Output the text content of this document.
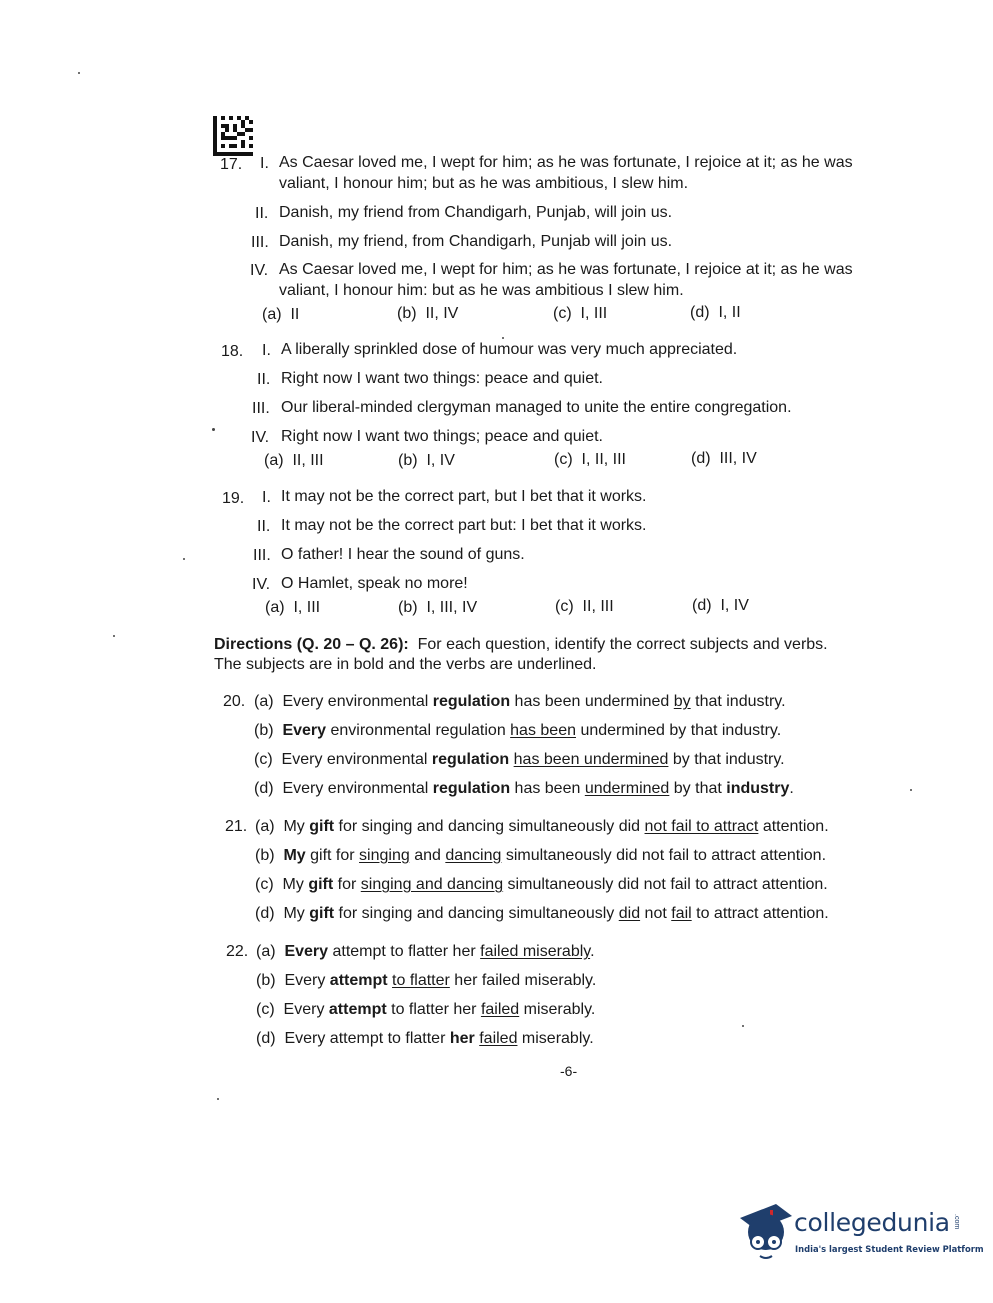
17. I. As Caesar loved me, I wept for him; as he was fortunate, I rejoice at it; as he was
valiant, I honour him; but as he was ambitious, I slew him.
II. Danish, my friend from Chandigarh, Punjab, will join us.
III. Danish, my friend, from Chandigarh, Punjab will join us.
IV. As Caesar loved me, I wept for him; as he was fortunate, I rejoice at it; as he was
valiant, I honour him: but as he was ambitious I slew him.
(a) II	(b) II, IV	(c) I, III	(d) I, II
18. I. A liberally sprinkled dose of humour was very much appreciated.
II. Right now I want two things: peace and quiet.
III. Our liberal-minded clergyman managed to unite the entire congregation.
IV. Right now I want two things; peace and quiet.
(a) II, III	(b) I, IV	(c) I, II, III	(d) III, IV
19. I. It may not be the correct part, but I bet that it works.
II. It may not be the correct part but: I bet that it works.
III. O father! I hear the sound of guns.
IV. O Hamlet, speak no more!
(a) I, III	(b) I, III, IV	(c) II, III	(d) I, IV
Directions (Q. 20 – Q. 26): For each question, identify the correct subjects and verbs.
The subjects are in bold and the verbs are underlined.
20. (a) Every environmental regulation has been undermined by that industry.
(b) Every environmental regulation has been undermined by that industry.
(c) Every environmental regulation has been undermined by that industry.
(d) Every environmental regulation has been undermined by that industry.
21. (a) My gift for singing and dancing simultaneously did not fail to attract attention.
(b) My gift for singing and dancing simultaneously did not fail to attract attention.
(c) My gift for singing and dancing simultaneously did not fail to attract attention.
(d) My gift for singing and dancing simultaneously did not fail to attract attention.
22. (a) Every attempt to flatter her failed miserably.
(b) Every attempt to flatter her failed miserably.
(c) Every attempt to flatter her failed miserably.
(d) Every attempt to flatter her failed miserably.
-6-
collegedunia .com
India's largest Student Review Platform
